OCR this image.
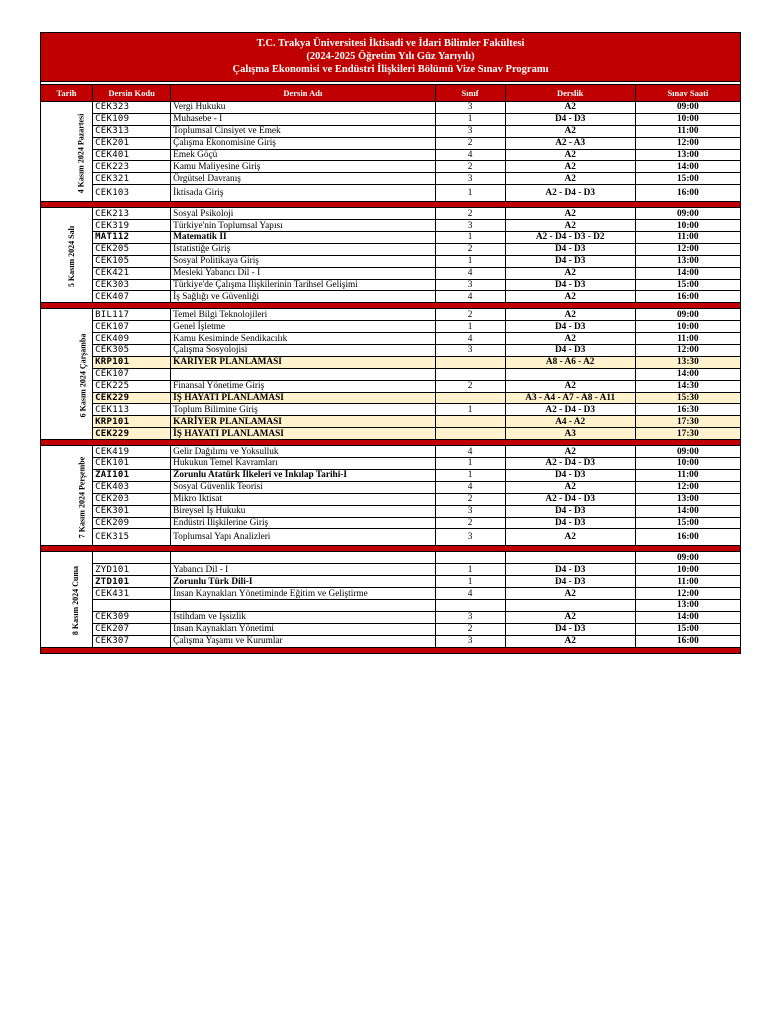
T.C. Trakya Üniversitesi İktisadi ve İdari Bilimler Fakültesi
(2024-2025 Öğretim Yılı Güz Yarıyılı)
Çalışma Ekonomisi ve Endüstri İlişkileri Bölümü Vize Sınav Programı					

Tarih	Dersin Kodu	Dersin Adı	Sınıf	Derslik	Sınav Saati
4 Kasım 2024 Pazartesi	CEK323	Vergi Hukuku	3	A2	09:00
	CEK109	Muhasebe - I	1	D4 - D3	10:00
	CEK313	Toplumsal Cinsiyet ve Emek	3	A2	11:00
	CEK201	Çalışma Ekonomisine Giriş	2	A2 - A3	12:00
	CEK401	Emek Göçü	4	A2	13:00
	CEK223	Kamu Maliyesine Giriş	2	A2	14:00
	CEK321	Örgütsel Davranış	3	A2	15:00
	CEK103	İktisada Giriş	1	A2 - D4 - D3	16:00

5 Kasım 2024 Salı	CEK213	Sosyal Psikoloji	2	A2	09:00
	CEK319	Türkiye'nin Toplumsal Yapısı	3	A2	10:00
	MAT112	Matematik II	1	A2 - D4 - D3 - D2	11:00
	CEK205	İstatistiğe Giriş	2	D4 - D3	12:00
	CEK105	Sosyal Politikaya Giriş	1	D4 - D3	13:00
	CEK421	Mesleki Yabancı Dil - I	4	A2	14:00
	CEK303	Türkiye'de Çalışma İlişkilerinin Tarihsel Gelişimi	3	D4 - D3	15:00
	CEK407	İş Sağlığı ve Güvenliği	4	A2	16:00

6 Kasım 2024 Çarşamba	BIL117	Temel Bilgi Teknolojileri	2	A2	09:00
	CEK107	Genel İşletme	1	D4 - D3	10:00
	CEK409	Kamu Kesiminde Sendikacılık	4	A2	11:00
	CEK305	Çalışma Sosyolojisi	3	D4 - D3	12:00
	KRP101	KARİYER PLANLAMASI		A8 - A6 - A2	13:30
	CEK107				14:00
	CEK225	Finansal Yönetime Giriş	2	A2	14:30
	CEK229	İŞ HAYATI PLANLAMASI		A3 - A4 - A7 - A8 - A11	15:30
	CEK113	Toplum Bilimine Giriş	1	A2 - D4 - D3	16:30
	KRP101	KARİYER PLANLAMASI		A4 - A2	17:30
	CEK229	İŞ HAYATI PLANLAMASI		A3	17:30

7 Kasım 2024 Perşembe	CEK419	Gelir Dağılımı ve Yoksulluk	4	A2	09:00
	CEK101	Hukukun Temel Kavramları	1	A2 - D4 - D3	10:00
	ZAI101	Zorunlu Atatürk İlkeleri ve İnkılap Tarihi-I	1	D4 - D3	11:00
	CEK403	Sosyal Güvenlik Teorisi	4	A2	12:00
	CEK203	Mikro İktisat	2	A2 - D4 - D3	13:00
	CEK301	Bireysel İş Hukuku	3	D4 - D3	14:00
	CEK209	Endüstri İlişkilerine Giriş	2	D4 - D3	15:00
	CEK315	Toplumsal Yapı Analizleri	3	A2	16:00

8 Kasım 2024 Cuma					09:00
	ZYD101	Yabancı Dil - I	1	D4 - D3	10:00
	ZTD101	Zorunlu Türk Dili-I	1	D4 - D3	11:00
	CEK431	İnsan Kaynakları Yönetiminde Eğitim ve Geliştirme	4	A2	12:00
					13:00
	CEK309	İstihdam ve İşsizlik	3	A2	14:00
	CEK207	İnsan Kaynakları Yönetimi	2	D4 - D3	15:00
	CEK307	Çalışma Yaşamı ve Kurumlar	3	A2	16:00
